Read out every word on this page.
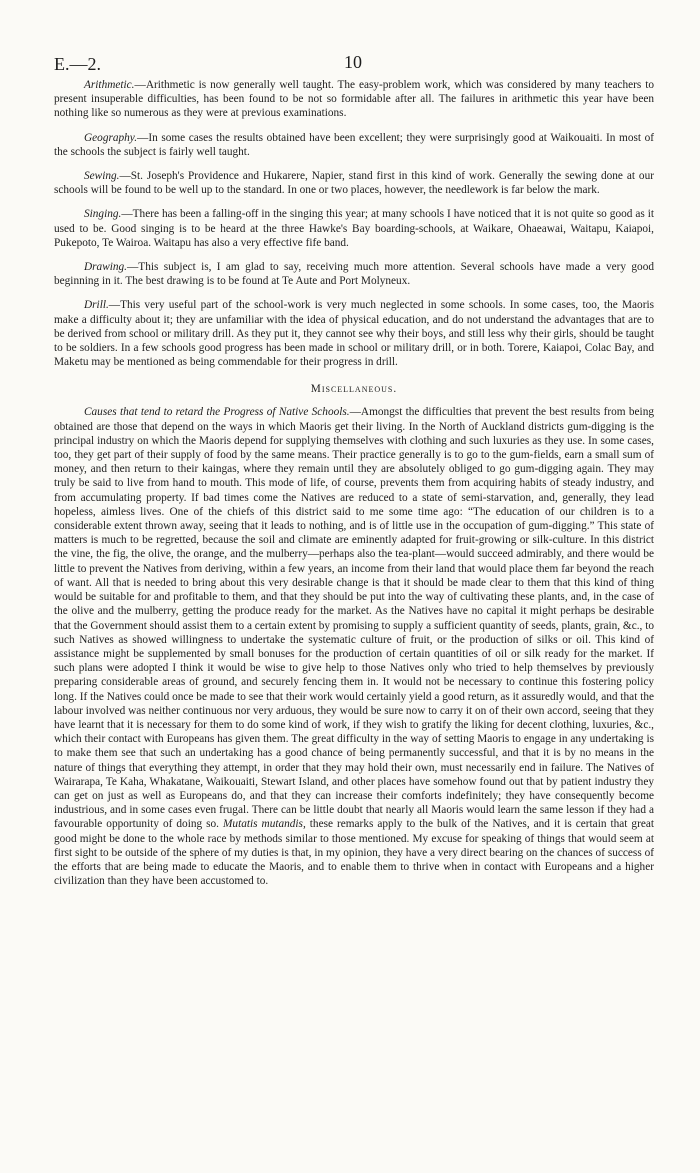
E.—2.	10

Arithmetic.—Arithmetic is now generally well taught. The easy-problem work, which was considered by many teachers to present insuperable difficulties, has been found to be not so formidable after all. The failures in arithmetic this year have been nothing like so numerous as they were at previous examinations.

Geography.—In some cases the results obtained have been excellent; they were surprisingly good at Waikouaiti. In most of the schools the subject is fairly well taught.

Sewing.—St. Joseph's Providence and Hukarere, Napier, stand first in this kind of work. Generally the sewing done at our schools will be found to be well up to the standard. In one or two places, however, the needlework is far below the mark.

Singing.—There has been a falling-off in the singing this year; at many schools I have noticed that it is not quite so good as it used to be. Good singing is to be heard at the three Hawke's Bay boarding-schools, at Waikare, Ohaeawai, Waitapu, Kaiapoi, Pukepoto, Te Wairoa. Waitapu has also a very effective fife band.

Drawing.—This subject is, I am glad to say, receiving much more attention. Several schools have made a very good beginning in it. The best drawing is to be found at Te Aute and Port Molyneux.

Drill.—This very useful part of the school-work is very much neglected in some schools. In some cases, too, the Maoris make a difficulty about it; they are unfamiliar with the idea of physical education, and do not understand the advantages that are to be derived from school or military drill. As they put it, they cannot see why their boys, and still less why their girls, should be taught to be soldiers. In a few schools good progress has been made in school or military drill, or in both. Torere, Kaiapoi, Colac Bay, and Maketu may be mentioned as being commendable for their progress in drill.

Miscellaneous.

Causes that tend to retard the Progress of Native Schools.—Amongst the difficulties that prevent the best results from being obtained are those that depend on the ways in which Maoris get their living. In the North of Auckland districts gum-digging is the principal industry on which the Maoris depend for supplying themselves with clothing and such luxuries as they use. In some cases, too, they get part of their supply of food by the same means. Their practice generally is to go to the gum-fields, earn a small sum of money, and then return to their kaingas, where they remain until they are absolutely obliged to go gum-digging again. They may truly be said to live from hand to mouth. This mode of life, of course, prevents them from acquiring habits of steady industry, and from accumulating property. If bad times come the Natives are reduced to a state of semi-starvation, and, generally, they lead hopeless, aimless lives. One of the chiefs of this district said to me some time ago: “The education of our children is to a considerable extent thrown away, seeing that it leads to nothing, and is of little use in the occupation of gum-digging.” This state of matters is much to be regretted, because the soil and climate are eminently adapted for fruit-growing or silk-culture. In this district the vine, the fig, the olive, the orange, and the mulberry—perhaps also the tea-plant—would succeed admirably, and there would be little to prevent the Natives from deriving, within a few years, an income from their land that would place them far beyond the reach of want. All that is needed to bring about this very desirable change is that it should be made clear to them that this kind of thing would be suitable for and profitable to them, and that they should be put into the way of cultivating these plants, and, in the case of the olive and the mulberry, getting the produce ready for the market. As the Natives have no capital it might perhaps be desirable that the Government should assist them to a certain extent by promising to supply a sufficient quantity of seeds, plants, grain, &c., to such Natives as showed willingness to undertake the systematic culture of fruit, or the production of silks or oil. This kind of assistance might be supplemented by small bonuses for the production of certain quantities of oil or silk ready for the market. If such plans were adopted I think it would be wise to give help to those Natives only who tried to help themselves by previously preparing considerable areas of ground, and securely fencing them in. It would not be necessary to continue this fostering policy long. If the Natives could once be made to see that their work would certainly yield a good return, as it assuredly would, and that the labour involved was neither continuous nor very arduous, they would be sure now to carry it on of their own accord, seeing that they have learnt that it is necessary for them to do some kind of work, if they wish to gratify the liking for decent clothing, luxuries, &c., which their contact with Europeans has given them. The great difficulty in the way of setting Maoris to engage in any undertaking is to make them see that such an undertaking has a good chance of being permanently successful, and that it is by no means in the nature of things that everything they attempt, in order that they may hold their own, must necessarily end in failure. The Natives of Wairarapa, Te Kaha, Whakatane, Waikouaiti, Stewart Island, and other places have somehow found out that by patient industry they can get on just as well as Europeans do, and that they can increase their comforts indefinitely; they have consequently become industrious, and in some cases even frugal. There can be little doubt that nearly all Maoris would learn the same lesson if they had a favourable opportunity of doing so. Mutatis mutandis, these remarks apply to the bulk of the Natives, and it is certain that great good might be done to the whole race by methods similar to those mentioned. My excuse for speaking of things that would seem at first sight to be outside of the sphere of my duties is that, in my opinion, they have a very direct bearing on the chances of success of the efforts that are being made to educate the Maoris, and to enable them to thrive when in contact with Europeans and a higher civilization than they have been accustomed to.
